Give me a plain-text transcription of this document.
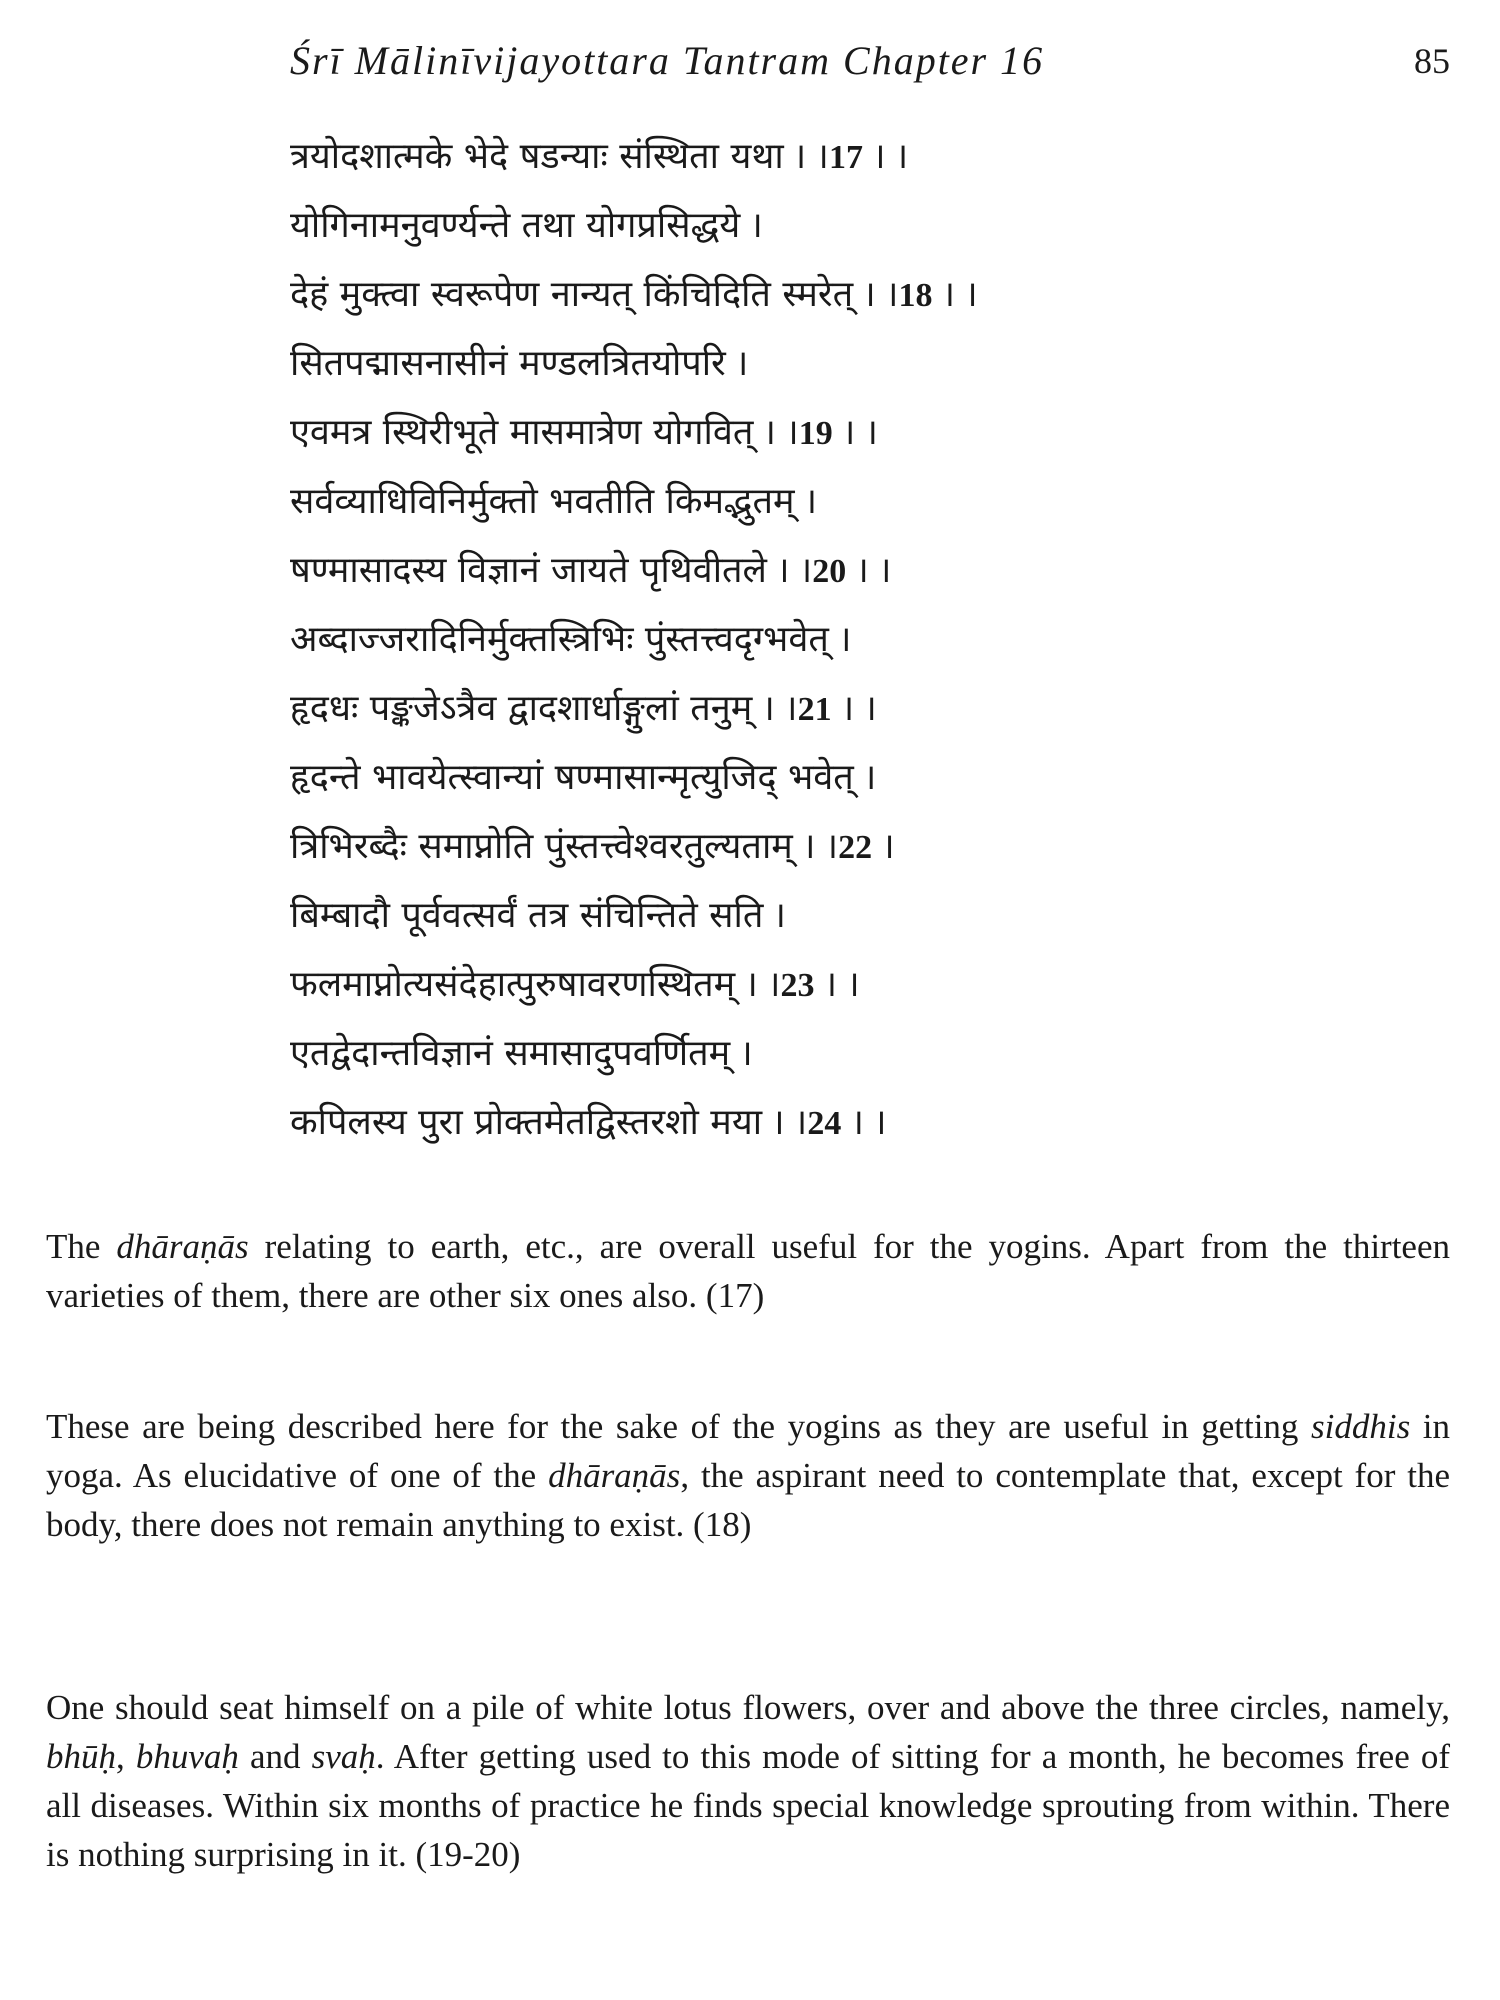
Śrī Mālinīvijayottara Tantram Chapter 16	85
त्रयोदशात्मके भेदे षडन्याः संस्थिता यथा । ।17 । ।
योगिनामनुवर्ण्यन्ते तथा योगप्रसिद्धये ।
देहं मुक्त्वा स्वरूपेण नान्यत् किंचिदिति स्मरेत् । ।18 । ।
सितपद्मासनासीनं मण्डलत्रितयोपरि ।
एवमत्र स्थिरीभूते मासमात्रेण योगवित् । ।19 । ।
सर्वव्याधिविनिर्मुक्तो भवतीति किमद्भुतम् ।
षण्मासादस्य विज्ञानं जायते पृथिवीतले । ।20 । ।
अब्दाज्जरादिनिर्मुक्तस्त्रिभिः पुंस्तत्त्वदृग्भवेत् ।
हृदधः पङ्कजेऽत्रैव द्वादशार्धाङ्गुलां तनुम् । ।21 । ।
हृदन्ते भावयेत्स्वान्यां षण्मासान्मृत्युजिद् भवेत् ।
त्रिभिरब्दैः समाप्नोति पुंस्तत्त्वेश्वरतुल्यताम् । ।22 ।
बिम्बादौ पूर्ववत्सर्वं तत्र संचिन्तिते सति ।
फलमाप्नोत्यसंदेहात्पुरुषावरणस्थितम् । ।23 । ।
एतद्वेदान्तविज्ञानं समासादुपवर्णितम् ।
कपिलस्य पुरा प्रोक्तमेतद्विस्तरशो मया । ।24 । ।

The dhāraṇās relating to earth, etc., are overall useful for the yogins. Apart from the thirteen varieties of them, there are other six ones also. (17)

These are being described here for the sake of the yogins as they are useful in getting siddhis in yoga. As elucidative of one of the dhāraṇās, the aspirant need to contemplate that, except for the body, there does not remain anything to exist. (18)

One should seat himself on a pile of white lotus flowers, over and above the three circles, namely, bhūḥ, bhuvaḥ and svaḥ. After getting used to this mode of sitting for a month, he becomes free of all diseases. Within six months of practice he finds special knowledge sprouting from within. There is nothing surprising in it. (19-20)
